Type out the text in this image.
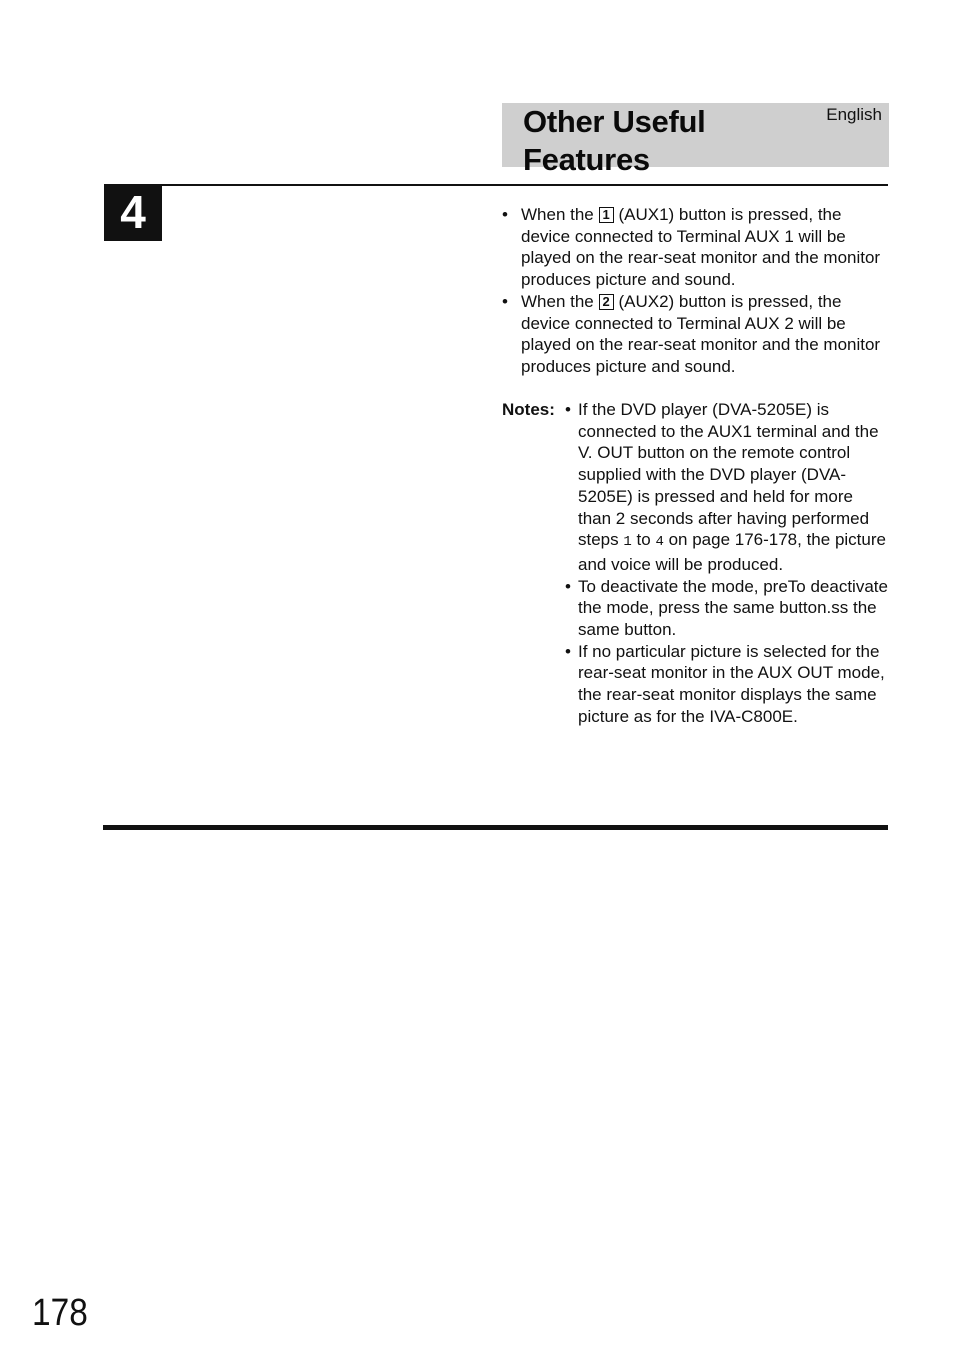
Other Useful
Features
English
4	• When the 1 (AUX1) button is pressed, the device connected to Terminal AUX 1 will be played on the rear-seat monitor and the monitor produces picture and sound.
• When the 2 (AUX2) button is pressed, the device connected to Terminal AUX 2 will be played on the rear-seat monitor and the monitor produces picture and sound.
Notes: • If the DVD player (DVA-5205E) is connected to the AUX1 terminal and the V. OUT button on the remote control supplied with the DVD player (DVA-5205E) is pressed and held for more than 2 seconds after having performed steps 1 to 4 on page 176-178, the picture and voice will be produced.
• To deactivate the mode, preTo deactivate the mode, press the same button.ss the same button.
• If no particular picture is selected for the rear-seat monitor in the AUX OUT mode, the rear-seat monitor displays the same picture as for the IVA-C800E.
178
